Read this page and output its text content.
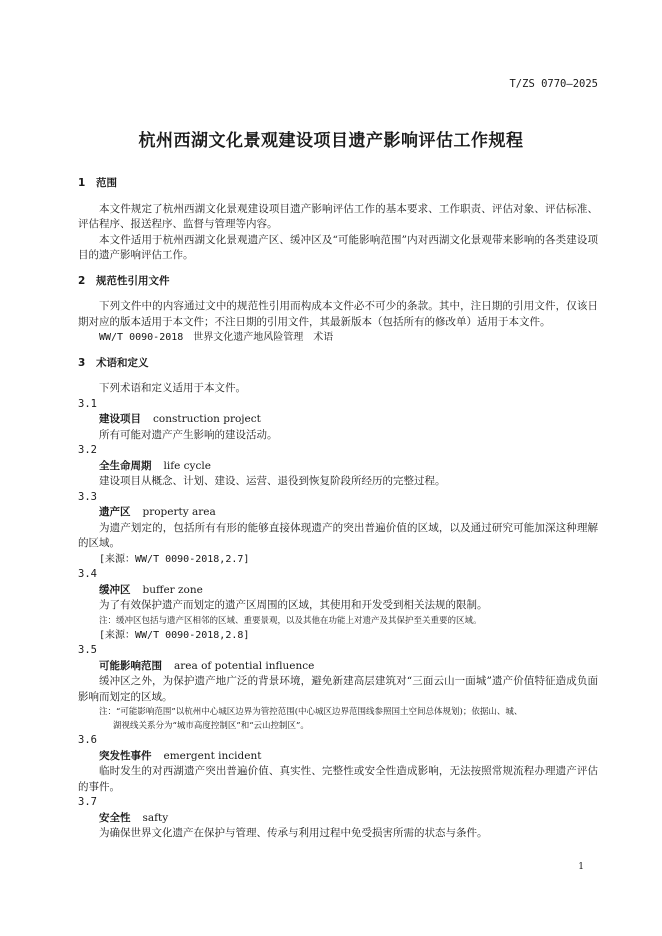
T/ZS 0770—2025
杭州西湖文化景观建设项目遗产影响评估工作规程

1 范围

本文件规定了杭州西湖文化景观建设项目遗产影响评估工作的基本要求、工作职责、评估对象、评估标准、评估程序、报送程序、监督与管理等内容。

本文件适用于杭州西湖文化景观遗产区、缓冲区及“可能影响范围”内对西湖文化景观带来影响的各类建设项目的遗产影响评估工作。

2 规范性引用文件

下列文件中的内容通过文中的规范性引用而构成本文件必不可少的条款。其中，注日期的引用文件，仅该日期对应的版本适用于本文件；不注日期的引用文件，其最新版本（包括所有的修改单）适用于本文件。

WW/T 0090-2018　世界文化遗产地风险管理　术语

3 术语和定义

下列术语和定义适用于本文件。

3.1

建设项目 construction project

所有可能对遗产产生影响的建设活动。

3.2

全生命周期 life cycle

建设项目从概念、计划、建设、运营、退役到恢复阶段所经历的完整过程。

3.3

遗产区 property area

为遗产划定的，包括所有有形的能够直接体现遗产的突出普遍价值的区域，以及通过研究可能加深这种理解的区域。

[来源：WW/T 0090-2018,2.7]

3.4

缓冲区 buffer zone

为了有效保护遗产而划定的遗产区周围的区域，其使用和开发受到相关法规的限制。

注：缓冲区包括与遗产区相邻的区域、重要景观，以及其他在功能上对遗产及其保护至关重要的区域。

[来源：WW/T 0090-2018,2.8]

3.5

可能影响范围 area of potential influence

缓冲区之外，为保护遗产地广泛的背景环境，避免新建高层建筑对“三面云山一面城”遗产价值特征造成负面影响而划定的区域。

注：“可能影响范围”以杭州中心城区边界为管控范围(中心城区边界范围线参照国土空间总体规划)；依据山、城、
湖视线关系分为“城市高度控制区”和“云山控制区”。

3.6

突发性事件 emergent incident

临时发生的对西湖遗产突出普遍价值、真实性、完整性或安全性造成影响，无法按照常规流程办理遗产评估的事件。

3.7

安全性 safty

为确保世界文化遗产在保护与管理、传承与利用过程中免受损害所需的状态与条件。

1
